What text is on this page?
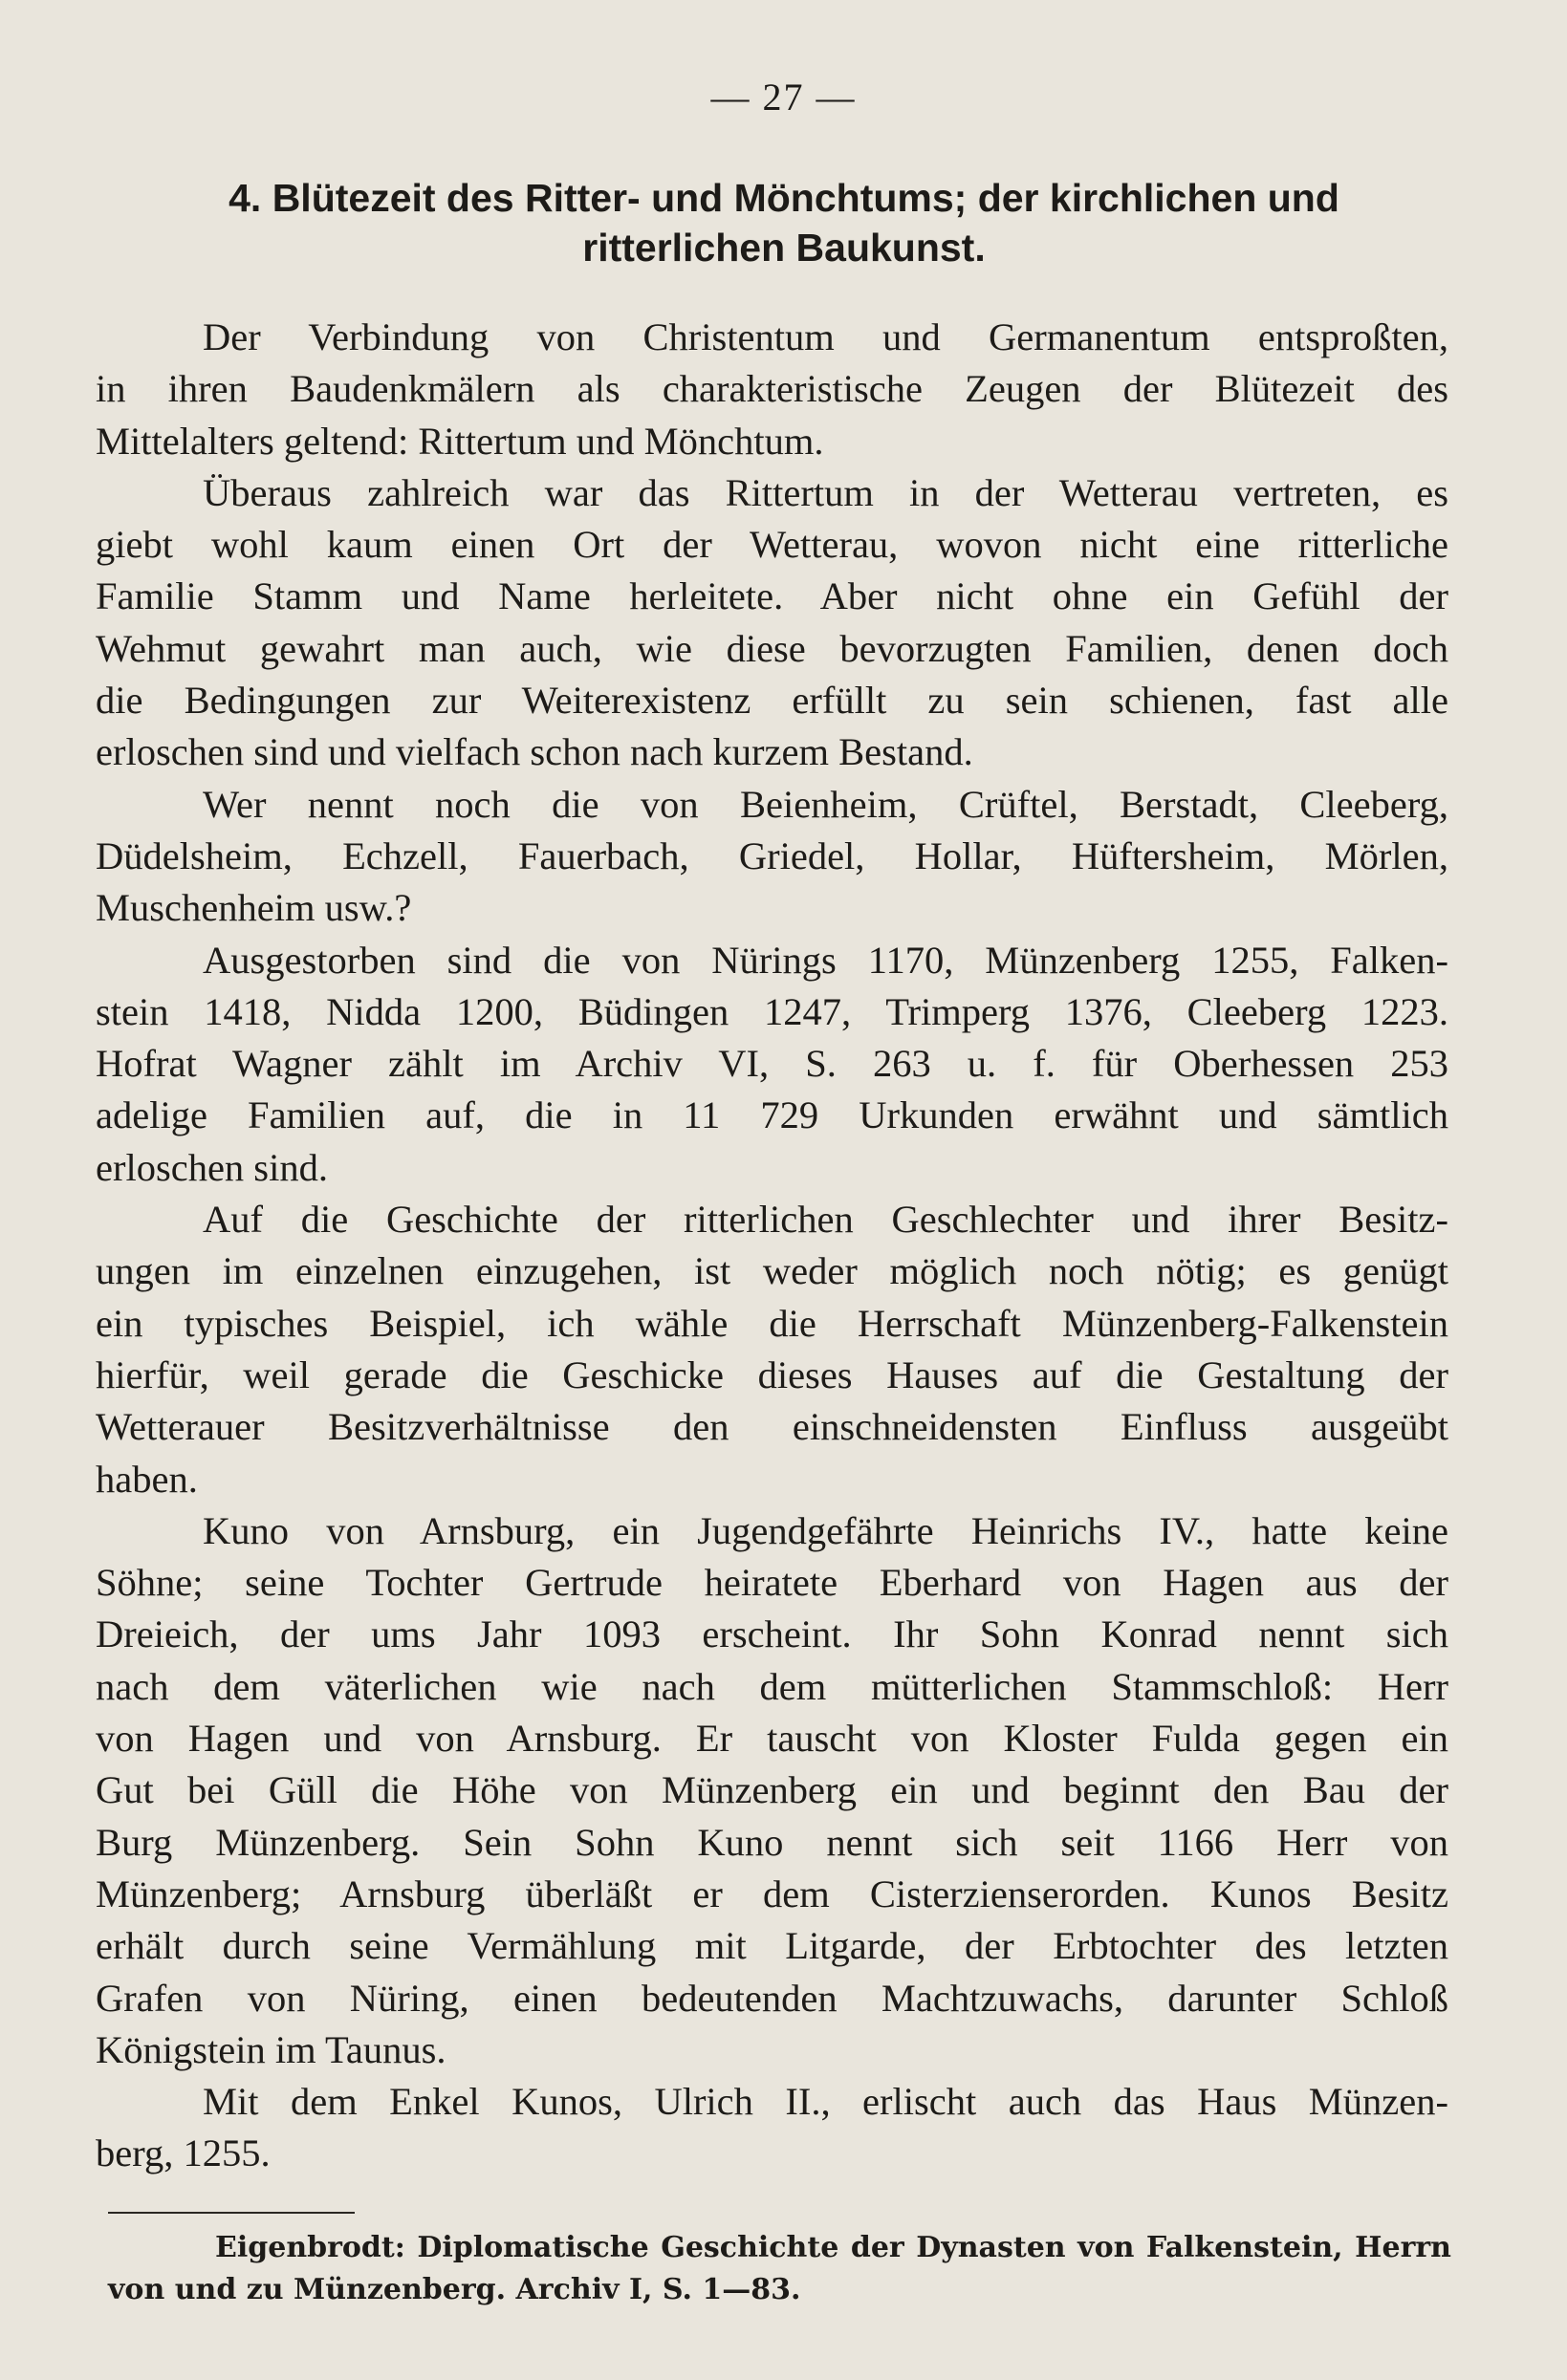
— 27 —
4. Blütezeit des Ritter- und Mönchtums; der kirchlichen und
ritterlichen Baukunst.
Der Verbindung von Christentum und Germanentum entsproßten,
in ihren Baudenkmälern als charakteristische Zeugen der Blütezeit des
Mittelalters geltend: Rittertum und Mönchtum.
Überaus zahlreich war das Rittertum in der Wetterau vertreten, es
giebt wohl kaum einen Ort der Wetterau, wovon nicht eine ritterliche
Familie Stamm und Name herleitete. Aber nicht ohne ein Gefühl der
Wehmut gewahrt man auch, wie diese bevorzugten Familien, denen doch
die Bedingungen zur Weiterexistenz erfüllt zu sein schienen, fast alle
erloschen sind und vielfach schon nach kurzem Bestand.
Wer nennt noch die von Beienheim, Crüftel, Berstadt, Cleeberg,
Düdelsheim, Echzell, Fauerbach, Griedel, Hollar, Hüftersheim, Mörlen,
Muschenheim usw.?
Ausgestorben sind die von Nürings 1170, Münzenberg 1255, Falken-
stein 1418, Nidda 1200, Büdingen 1247, Trimperg 1376, Cleeberg 1223.
Hofrat Wagner zählt im Archiv VI, S. 263 u. f. für Oberhessen 253
adelige Familien auf, die in 11 729 Urkunden erwähnt und sämtlich
erloschen sind.
Auf die Geschichte der ritterlichen Geschlechter und ihrer Besitz-
ungen im einzelnen einzugehen, ist weder möglich noch nötig; es genügt
ein typisches Beispiel, ich wähle die Herrschaft Münzenberg-Falkenstein
hierfür, weil gerade die Geschicke dieses Hauses auf die Gestaltung der
Wetterauer Besitzverhältnisse den einschneidensten Einfluss ausgeübt
haben.
Kuno von Arnsburg, ein Jugendgefährte Heinrichs IV., hatte keine
Söhne; seine Tochter Gertrude heiratete Eberhard von Hagen aus der
Dreieich, der ums Jahr 1093 erscheint. Ihr Sohn Konrad nennt sich
nach dem väterlichen wie nach dem mütterlichen Stammschloß: Herr
von Hagen und von Arnsburg. Er tauscht von Kloster Fulda gegen ein
Gut bei Güll die Höhe von Münzenberg ein und beginnt den Bau der
Burg Münzenberg. Sein Sohn Kuno nennt sich seit 1166 Herr von
Münzenberg; Arnsburg überläßt er dem Cisterzienserorden. Kunos Besitz
erhält durch seine Vermählung mit Litgarde, der Erbtochter des letzten
Grafen von Nüring, einen bedeutenden Machtzuwachs, darunter Schloß
Königstein im Taunus.
Mit dem Enkel Kunos, Ulrich II., erlischt auch das Haus Münzen-
berg, 1255.
Eigenbrodt: Diplomatische Geschichte der Dynasten von Falkenstein, Herrn
von und zu Münzenberg. Archiv I, S. 1—83.
